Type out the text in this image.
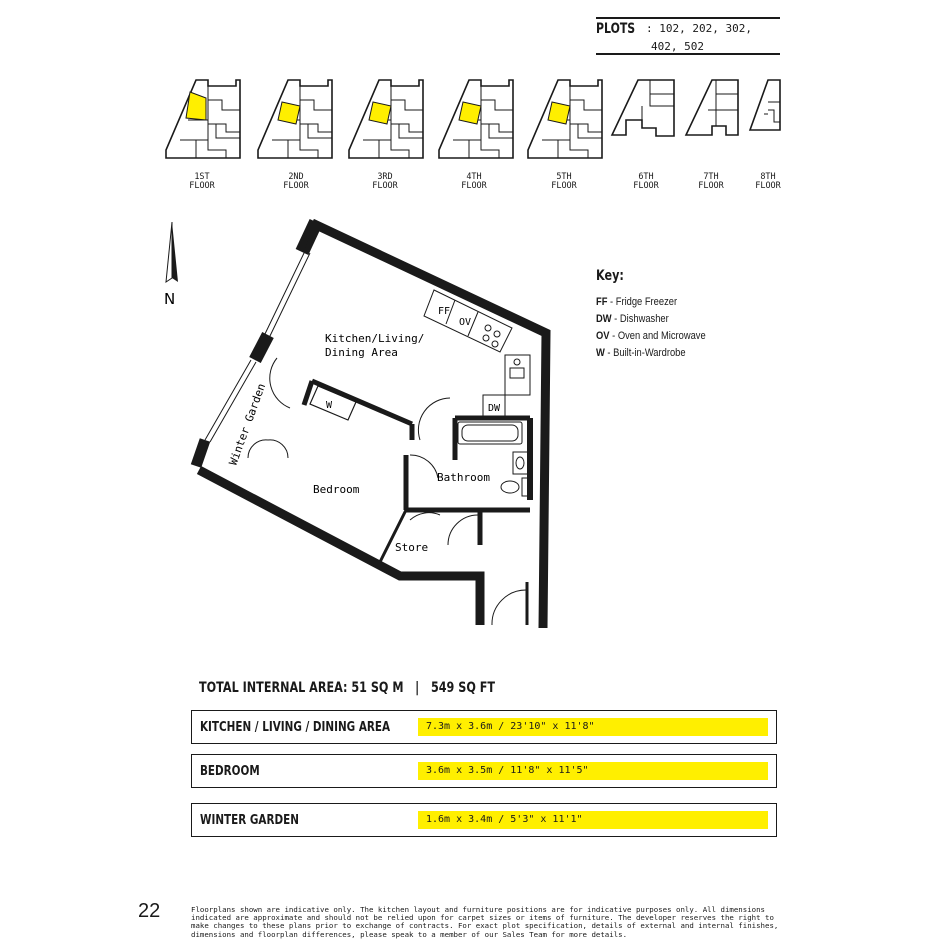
PLOTS : 102, 202, 302,
402, 502
1ST
FLOOR
2ND
FLOOR
3RD
FLOOR
4TH
FLOOR
5TH
FLOOR
6TH
FLOOR
7TH
FLOOR
8TH
FLOOR
N
W
FF
OV
DW
Kitchen/Living/
Dining Area
Bedroom
Bathroom
Store
Winter Garden
Key:
FF - Fridge Freezer
DW - Dishwasher
OV - Oven and Microwave
W - Built-in-Wardrobe
TOTAL INTERNAL AREA: 51 SQ M   |   549 SQ FT
KITCHEN / LIVING / DINING AREA	7.3m x 3.6m / 23'10" x 11'8"
BEDROOM	3.6m x 3.5m / 11'8" x 11'5"
WINTER GARDEN	1.6m x 3.4m / 5'3" x 11'1"
22	Floorplans shown are indicative only. The kitchen layout and furniture positions are for indicative purposes only. All dimensions indicated are approximate and should not be relied upon for carpet sizes or items of furniture. The developer reserves the right to make changes to these plans prior to exchange of contracts. For exact plot specification, details of external and internal finishes, dimensions and floorplan differences, please speak to a member of our Sales Team for more details.
